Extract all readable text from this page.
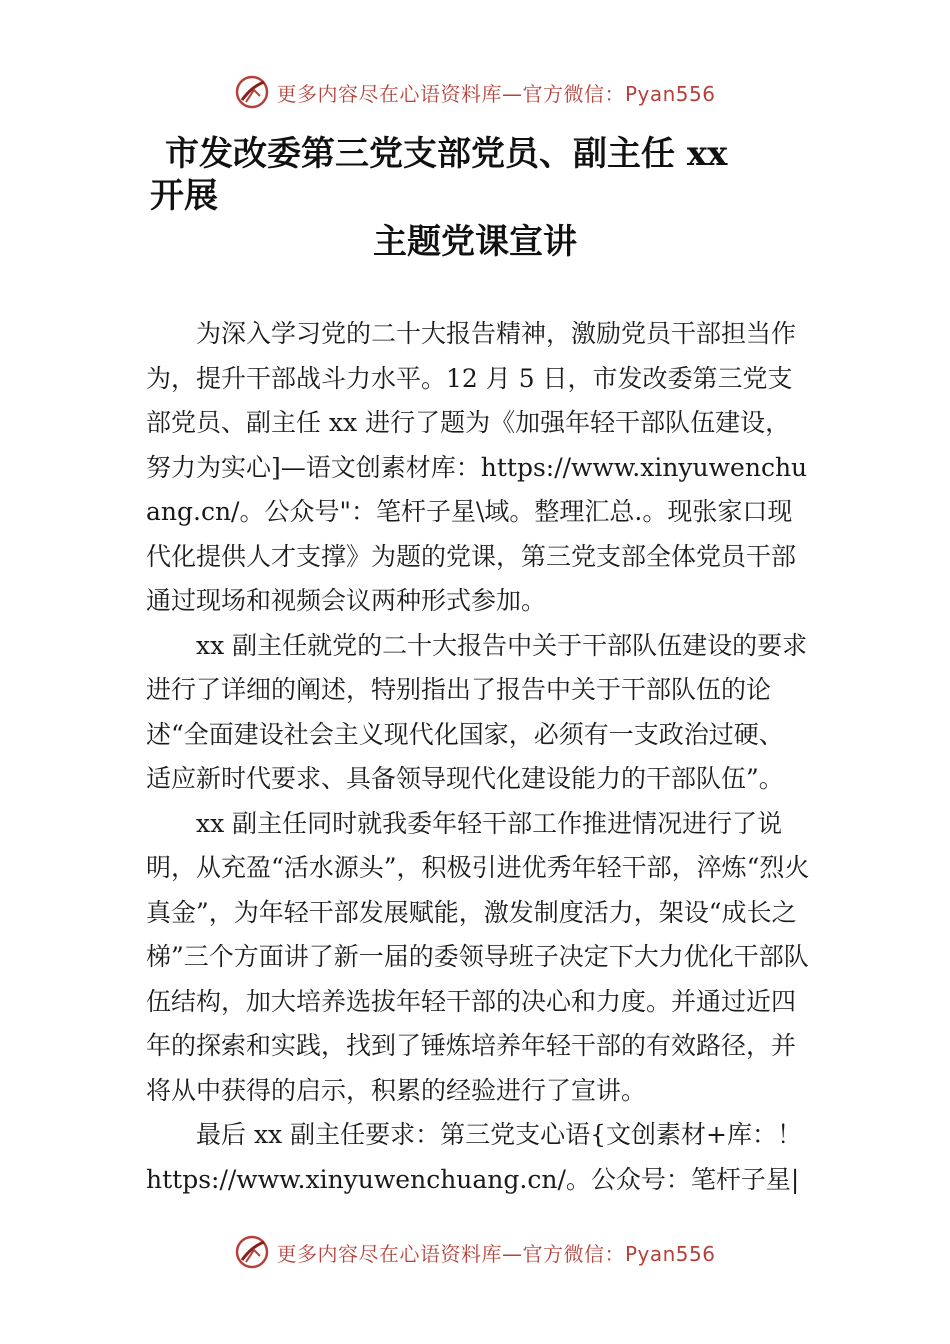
更多内容尽在心语资料库—官方微信：Pyan556
市发改委第三党支部党员、副主任 xx
开展
主题党课宣讲

为深入学习党的二十大报告精神，激励党员干部担当作为，提升干部战斗力水平。12 月 5 日，市发改委第三党支部党员、副主任 xx 进行了题为《加强年轻干部队伍建设，努力为实心]—语文创素材库：https://www.xinyuwenchuang.cn/。公众号"：笔杆子星\域。整理汇总.。现张家口现代化提供人才支撑》为题的党课，第三党支部全体党员干部通过现场和视频会议两种形式参加。

xx 副主任就党的二十大报告中关于干部队伍建设的要求进行了详细的阐述，特别指出了报告中关于干部队伍的论述“全面建设社会主义现代化国家，必须有一支政治过硬、 适应新时代要求、具备领导现代化建设能力的干部队伍”。

xx 副主任同时就我委年轻干部工作推进情况进行了说明，从充盈“活水源头”，积极引进优秀年轻干部，淬炼“烈火真金”，为年轻干部发展赋能，激发制度活力，架设“成长之梯”三个方面讲了新一届的委领导班子决定下大力优化干部队伍结构，加大培养选拔年轻干部的决心和力度。并通过近四年的探索和实践，找到了锤炼培养年轻干部的有效路径，并将从中获得的启示，积累的经验进行了宣讲。

最后 xx 副主任要求：第三党支心语{文创素材+库：！https://www.xinyuwenchuang.cn/。公众号：笔杆子星|

更多内容尽在心语资料库—官方微信：Pyan556
